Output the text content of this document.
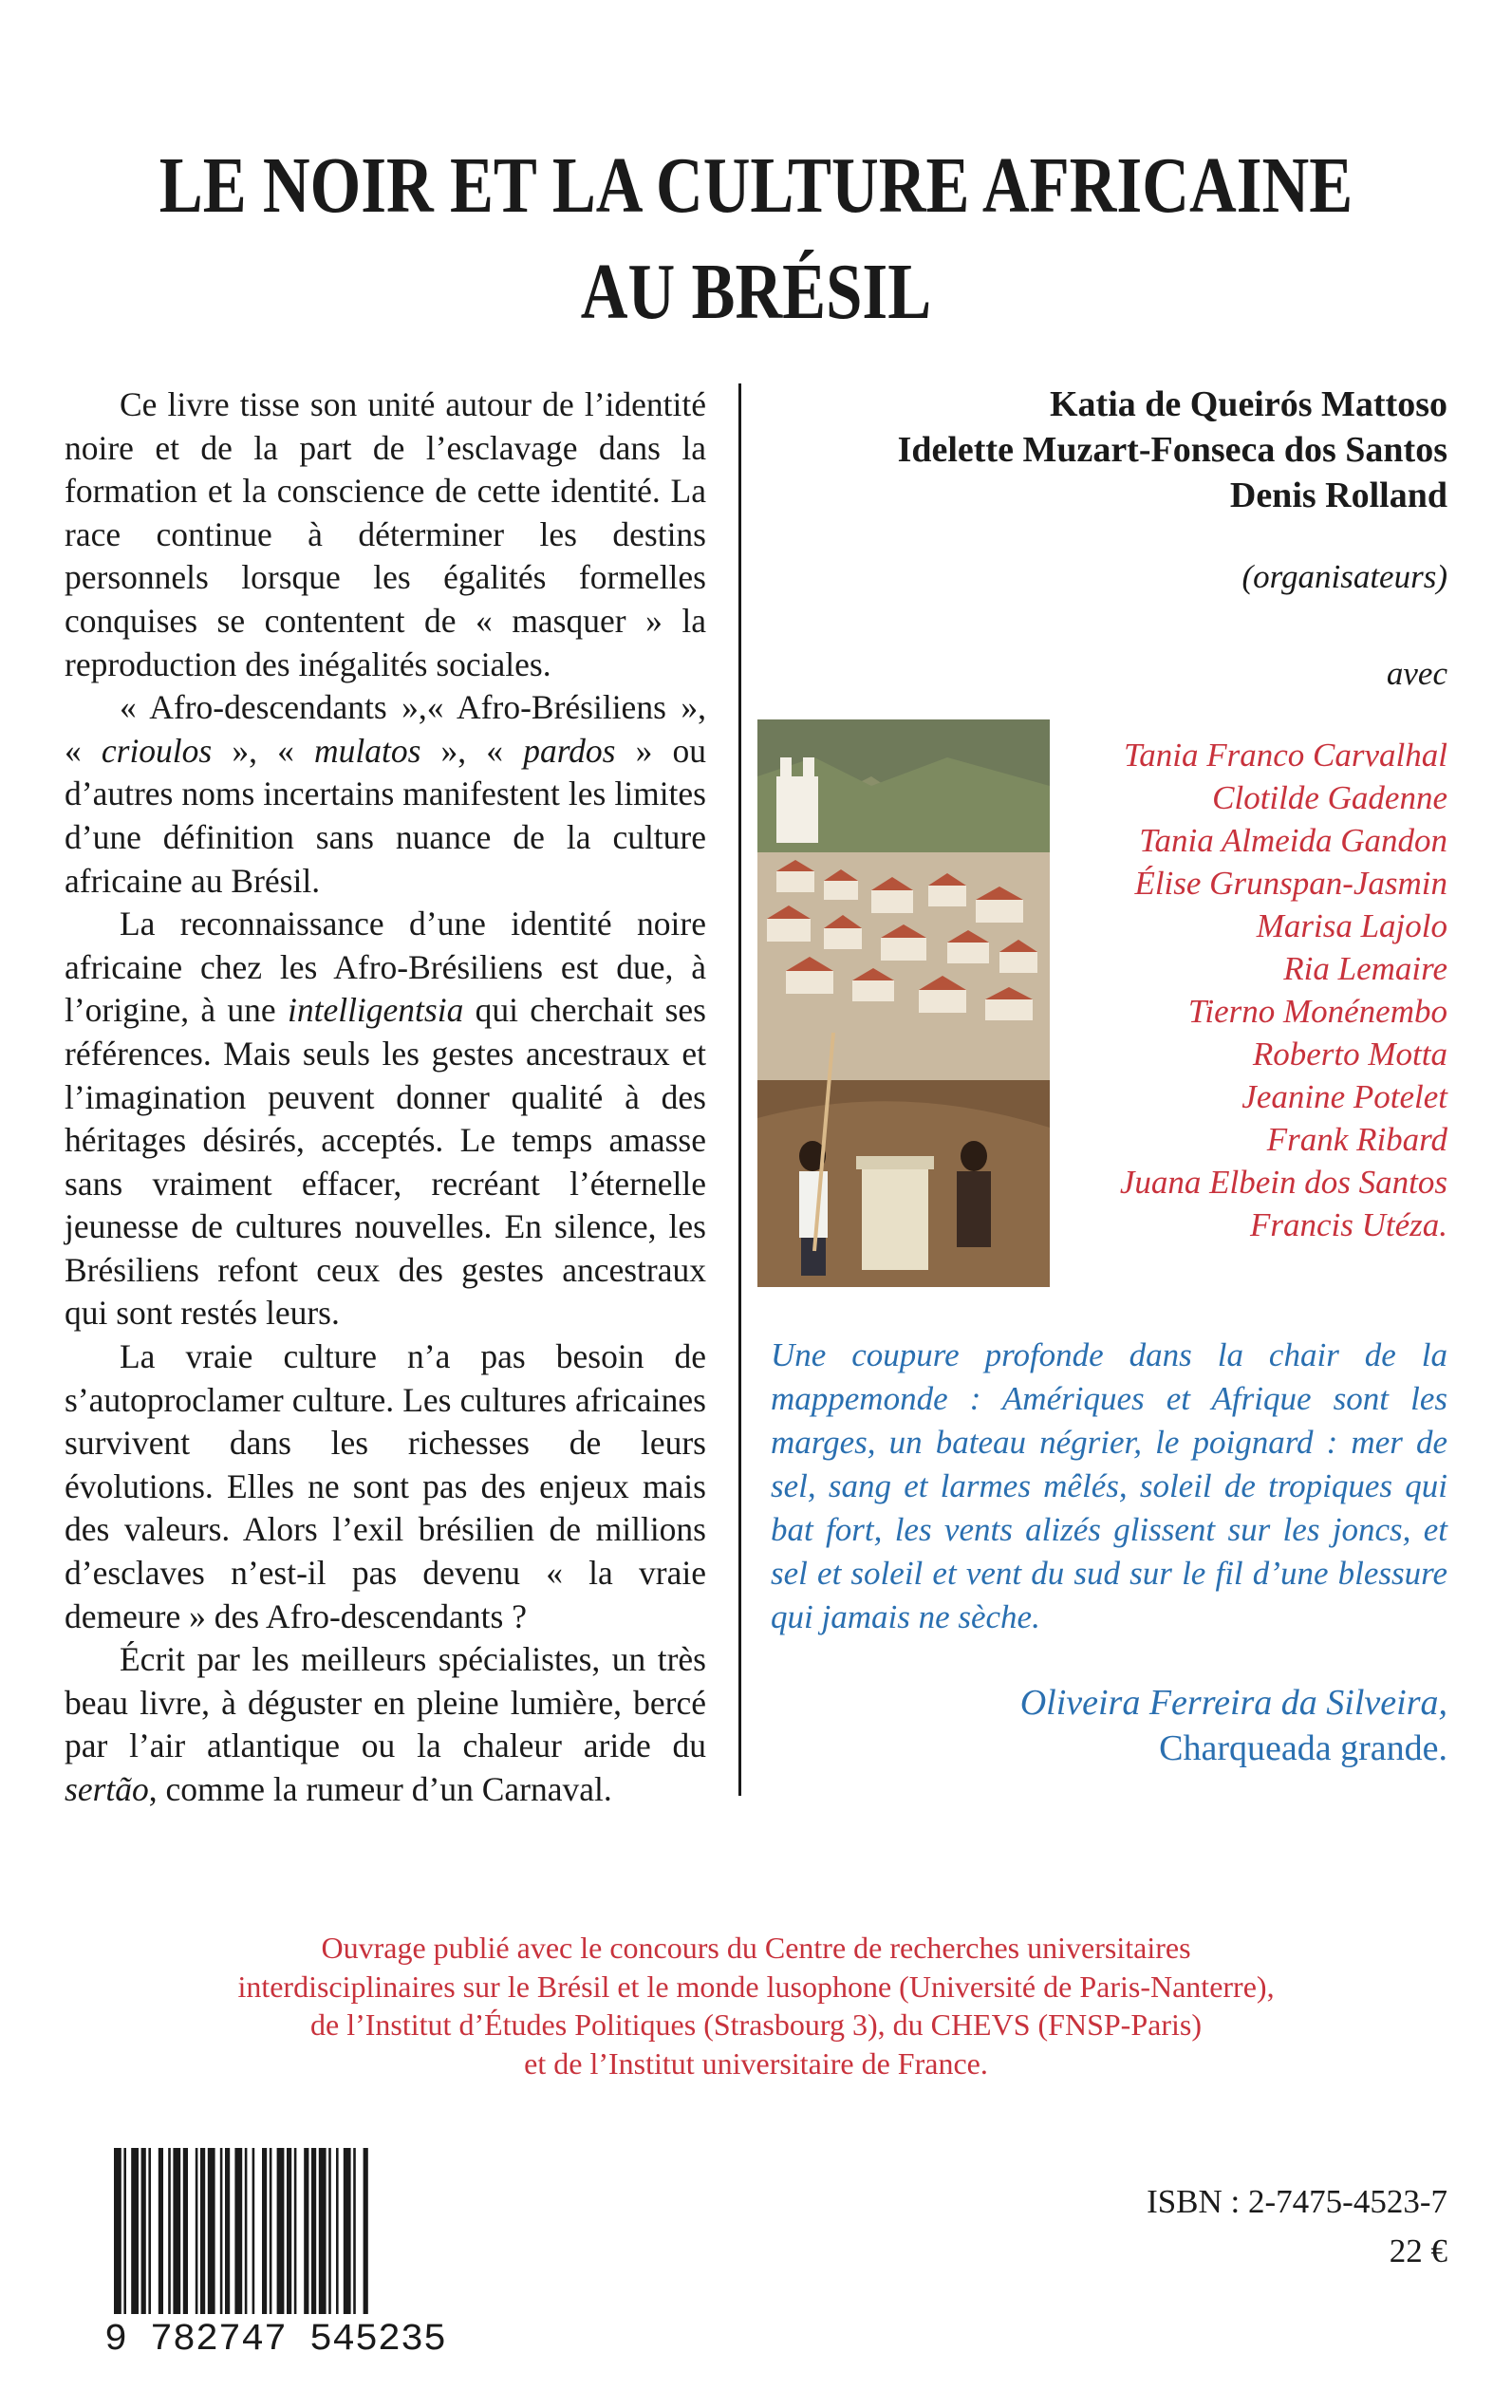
LE NOIR ET LA CULTURE AFRICAINE
AU BRÉSIL

Ce livre tisse son unité autour de l’identité noire et de la part de l’esclavage dans la formation et la conscience de cette identité. La race continue à déterminer les destins personnels lorsque les égalités formelles conquises se contentent de « masquer » la reproduction des inégalités sociales.

« Afro-descendants »,« Afro-Brésiliens », « crioulos », « mulatos », « pardos » ou d’autres noms incertains manifestent les limites d’une définition sans nuance de la culture africaine au Brésil.

La reconnaissance d’une identité noire africaine chez les Afro-Brésiliens est due, à l’origine, à une intelligentsia qui cherchait ses références. Mais seuls les gestes ancestraux et l’imagination peuvent donner qualité à des héritages désirés, acceptés. Le temps amasse sans vraiment effacer, recréant l’éternelle jeunesse de cultures nouvelles. En silence, les Brésiliens refont ceux des gestes ancestraux qui sont restés leurs.

La vraie culture n’a pas besoin de s’autoproclamer culture. Les cultures africaines survivent dans les richesses de leurs évolutions. Elles ne sont pas des enjeux mais des valeurs. Alors l’exil brésilien de millions d’esclaves n’est-il pas devenu « la vraie demeure » des Afro-descendants ?

Écrit par les meilleurs spécialistes, un très beau livre, à déguster en pleine lumière, bercé par l’air atlantique ou la chaleur aride du sertão, comme la rumeur d’un Carnaval.

Katia de Queirós Mattoso
Idelette Muzart-Fonseca dos Santos
Denis Rolland
(organisateurs)
avec
Tania Franco Carvalhal
Clotilde Gadenne
Tania Almeida Gandon
Élise Grunspan-Jasmin
Marisa Lajolo
Ria Lemaire
Tierno Monénembo
Roberto Motta
Jeanine Potelet
Frank Ribard
Juana Elbein dos Santos
Francis Utéza.
Une coupure profonde dans la chair de la mappemonde : Amériques et Afrique sont les marges, un bateau négrier, le poignard : mer de sel, sang et larmes mêlés, soleil de tropiques qui bat fort, les vents alizés glissent sur les joncs, et sel et soleil et vent du sud sur le fil d’une blessure qui jamais ne sèche.
Oliveira Ferreira da Silveira,
Charqueada grande.
Ouvrage publié avec le concours du Centre de recherches universitaires
interdisciplinaires sur le Brésil et le monde lusophone (Université de Paris-Nanterre),
de l’Institut d’Études Politiques (Strasbourg 3), du CHEVS (FNSP-Paris)
et de l’Institut universitaire de France.
9 782747 545235
ISBN : 2-7475-4523-7
22 €
